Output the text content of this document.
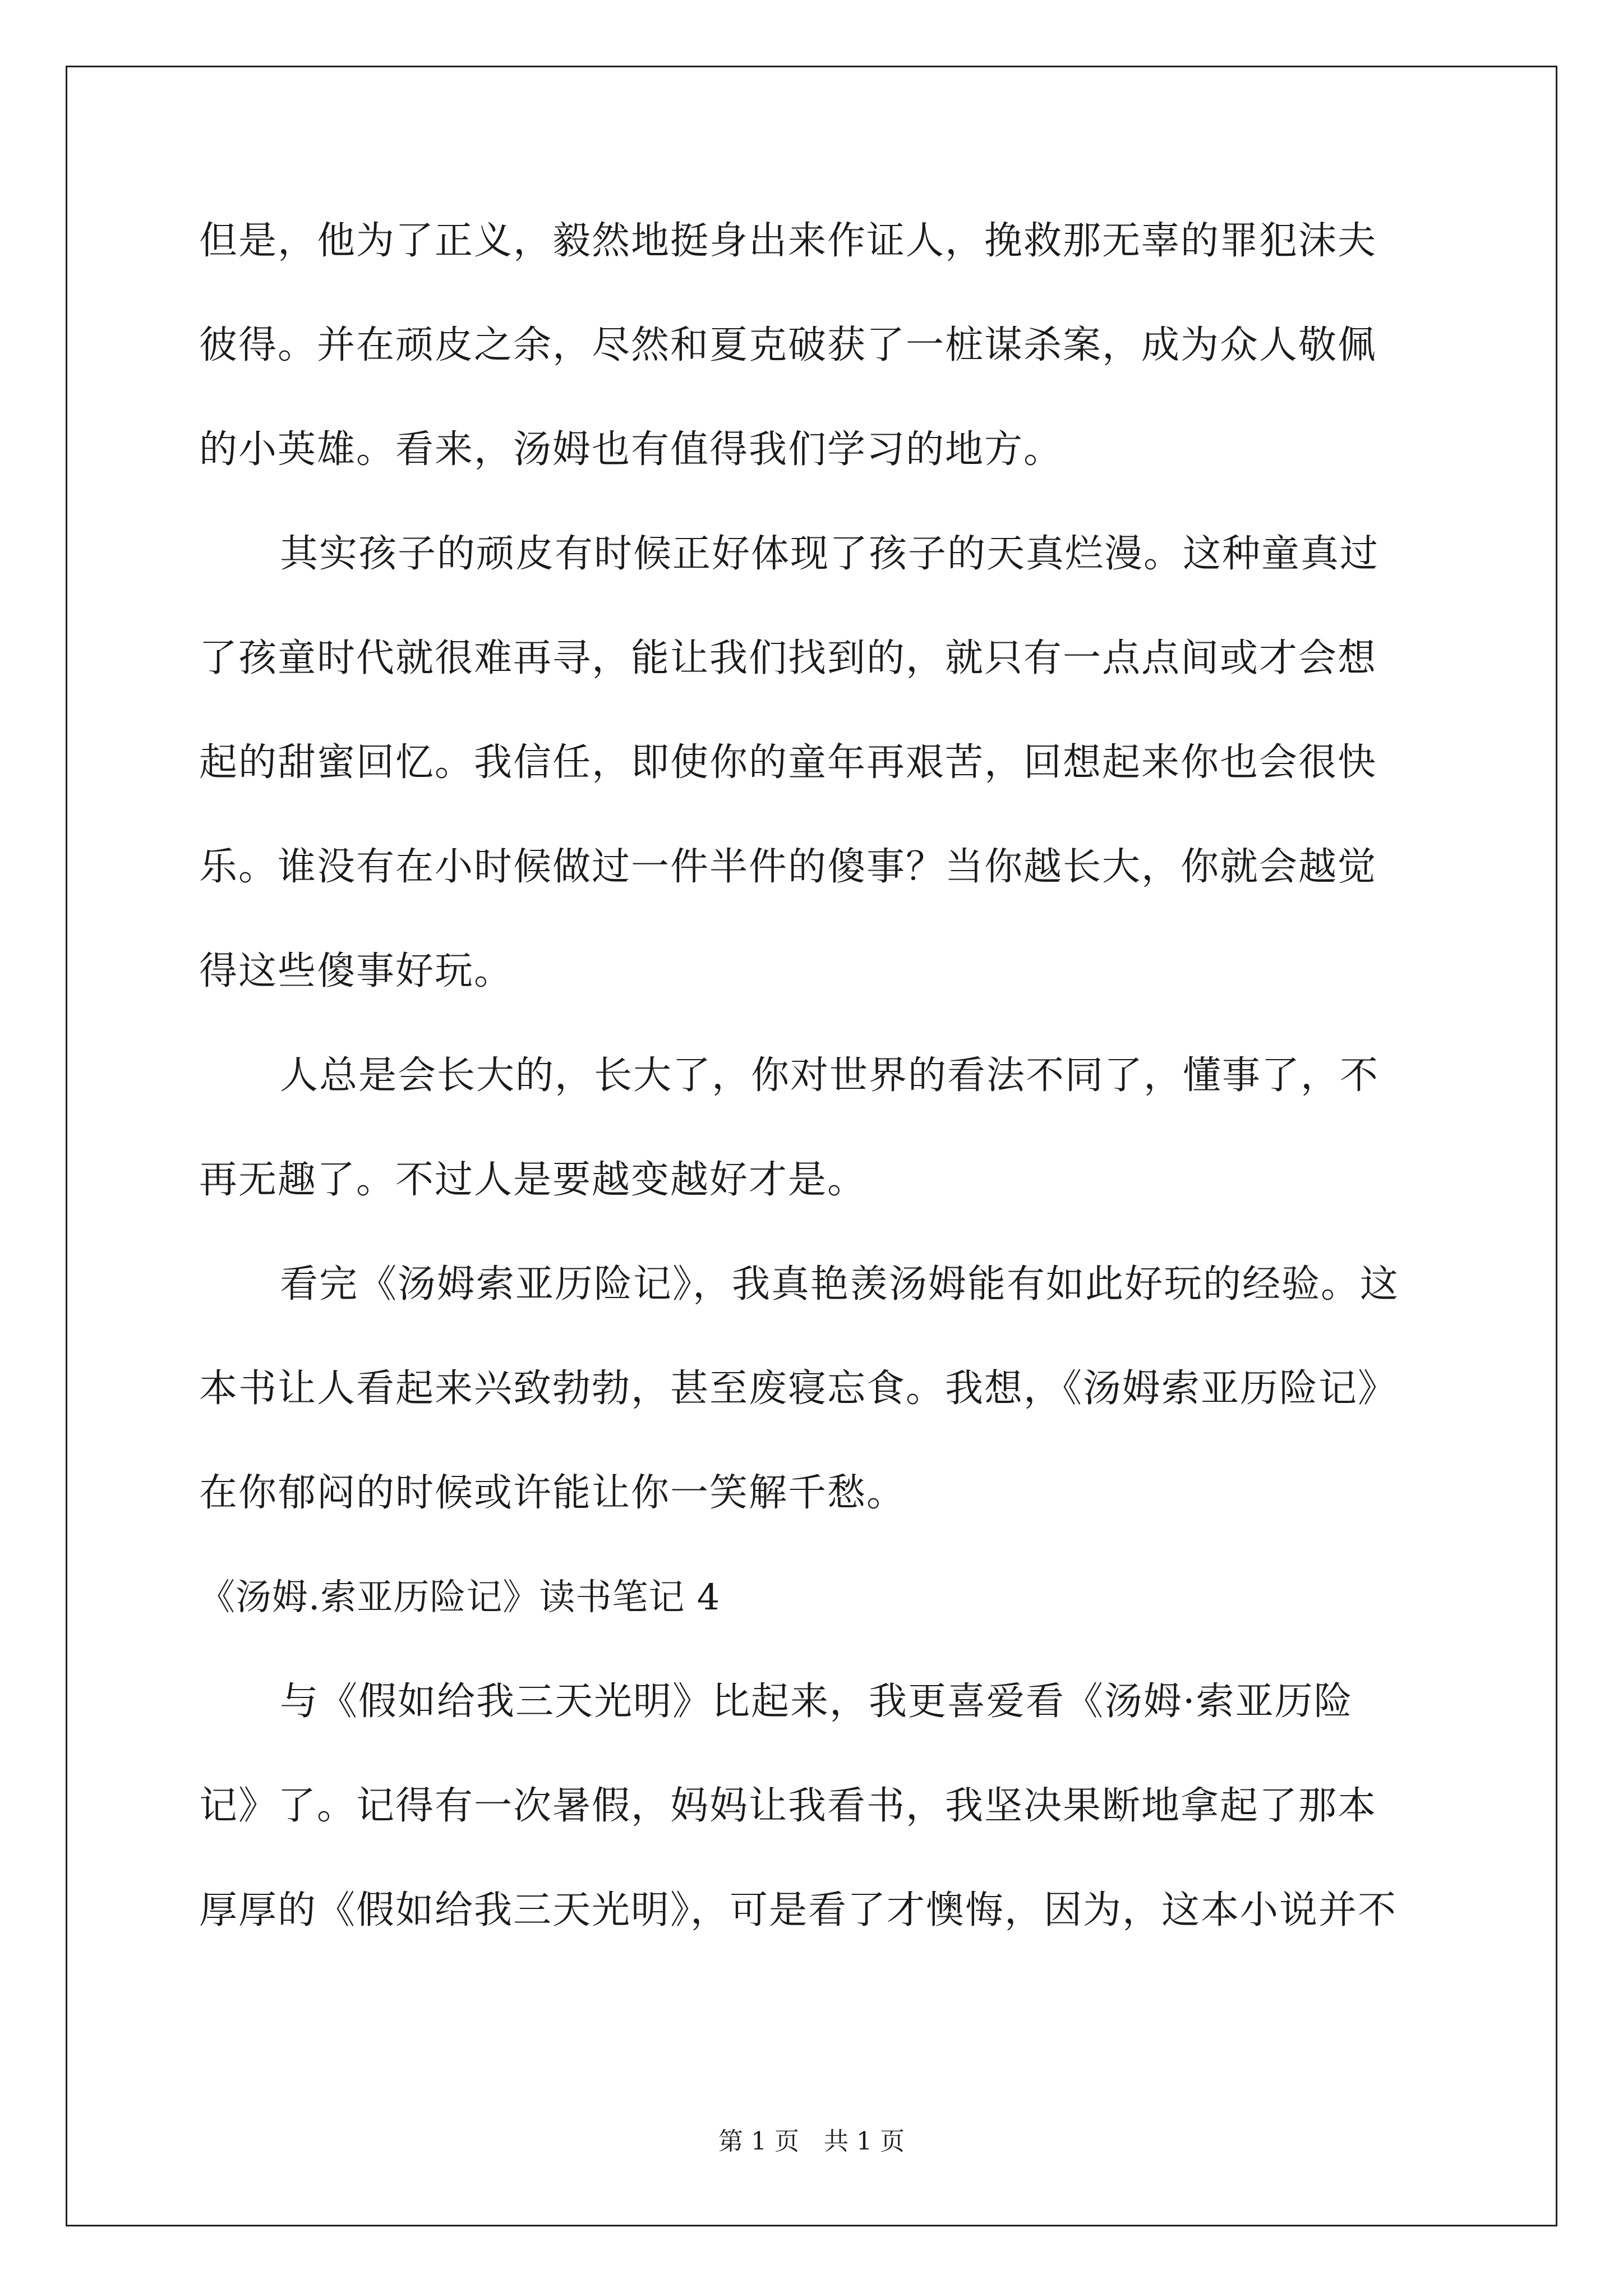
但是，他为了正义，毅然地挺身出来作证人，挽救那无辜的罪犯沫夫
彼得。并在顽皮之余，尽然和夏克破获了一桩谋杀案，成为众人敬佩
的小英雄。看来，汤姆也有值得我们学习的地方。
其实孩子的顽皮有时候正好体现了孩子的天真烂漫。这种童真过
了孩童时代就很难再寻，能让我们找到的，就只有一点点间或才会想
起的甜蜜回忆。我信任，即使你的童年再艰苦，回想起来你也会很快
乐。谁没有在小时候做过一件半件的傻事？当你越长大，你就会越觉
得这些傻事好玩。
人总是会长大的，长大了，你对世界的看法不同了，懂事了，不
再无趣了。不过人是要越变越好才是。
看完《汤姆索亚历险记》，我真艳羡汤姆能有如此好玩的经验。这
本书让人看起来兴致勃勃，甚至废寝忘食。我想，《汤姆索亚历险记》
在你郁闷的时候或许能让你一笑解千愁。
《汤姆.索亚历险记》读书笔记 4
与《假如给我三天光明》比起来，我更喜爱看《汤姆·索亚历险
记》了。记得有一次暑假，妈妈让我看书，我坚决果断地拿起了那本
厚厚的《假如给我三天光明》，可是看了才懊悔，因为，这本小说并不
第 1 页　共 1 页
